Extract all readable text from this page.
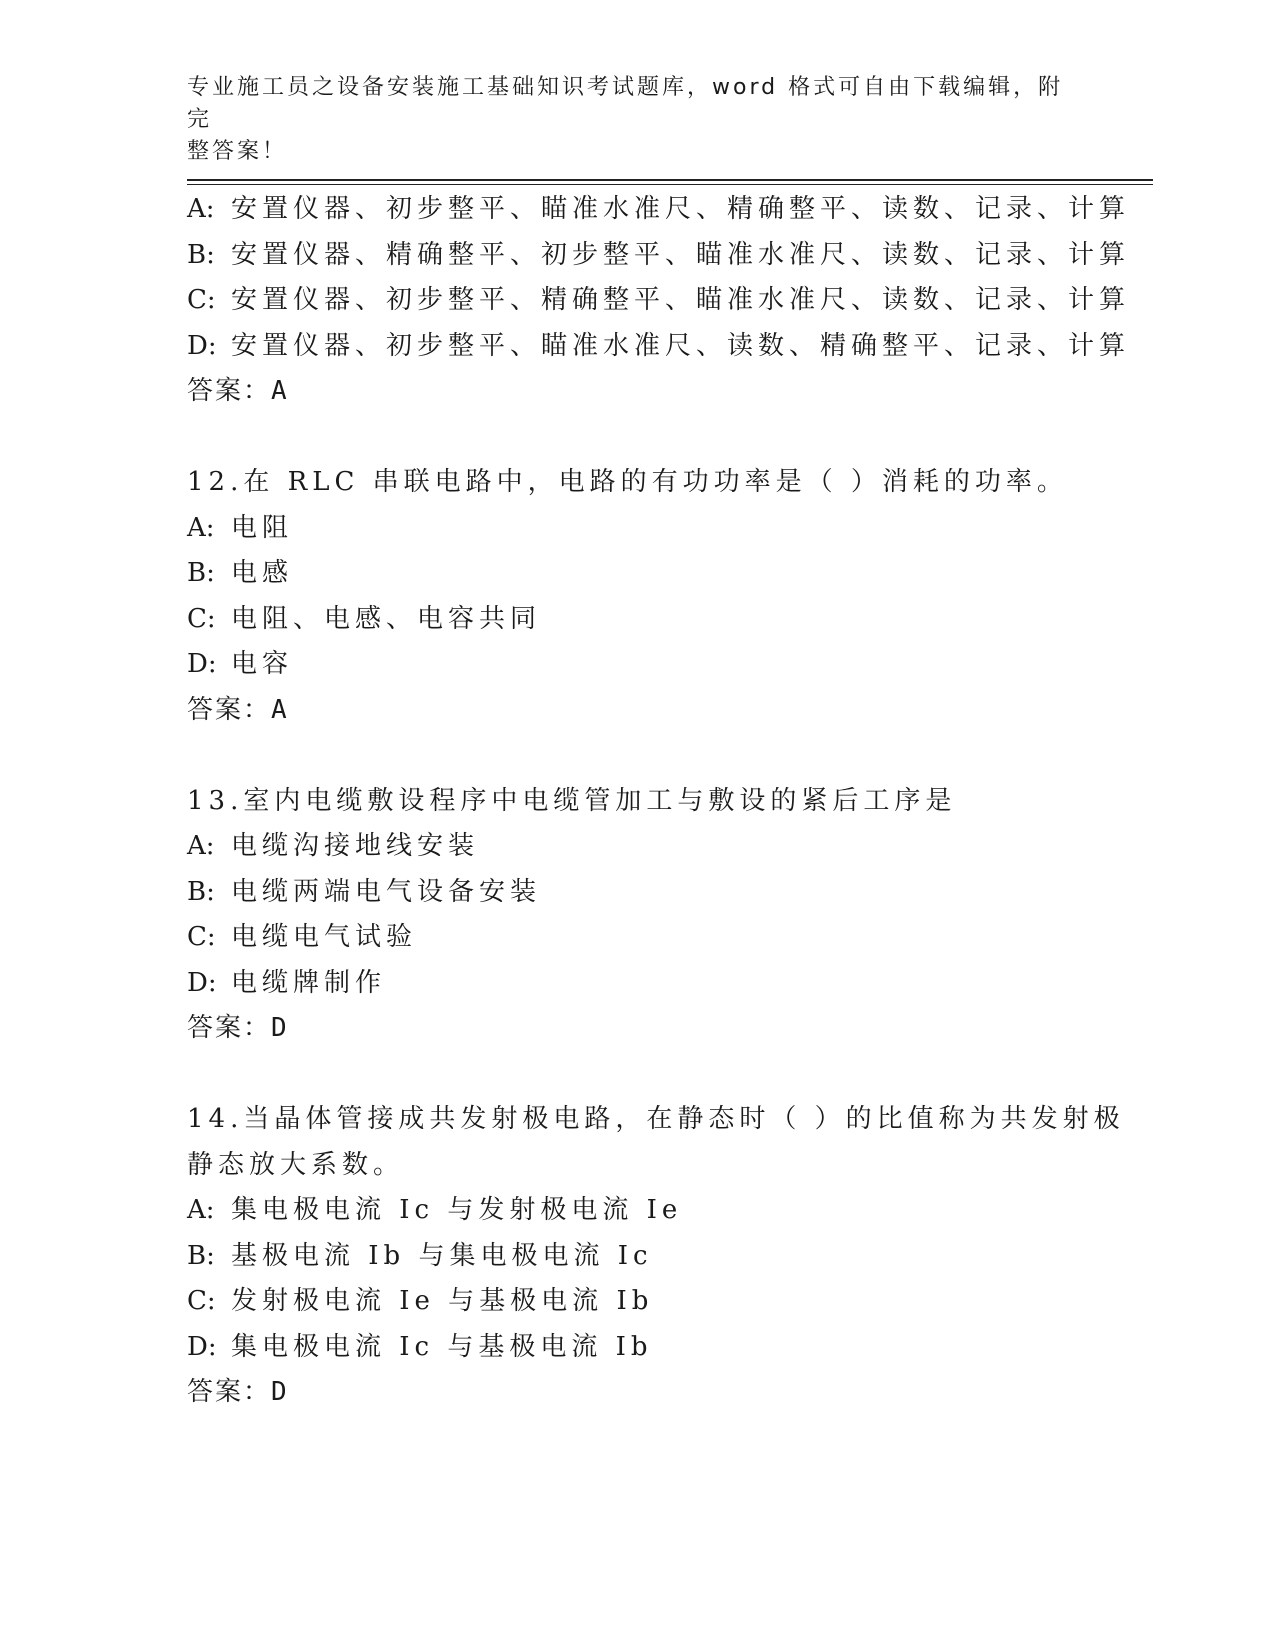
专业施工员之设备安装施工基础知识考试题库，word 格式可自由下载编辑，附完
整答案！
A: 安置仪器、初步整平、瞄准水准尺、精确整平、读数、记录、计算
B: 安置仪器、精确整平、初步整平、瞄准水准尺、读数、记录、计算
C: 安置仪器、初步整平、精确整平、瞄准水准尺、读数、记录、计算
D: 安置仪器、初步整平、瞄准水准尺、读数、精确整平、记录、计算
答案：A
12.在 RLC 串联电路中，电路的有功功率是（ ）消耗的功率。
A: 电阻
B: 电感
C: 电阻、电感、电容共同
D: 电容
答案：A
13.室内电缆敷设程序中电缆管加工与敷设的紧后工序是
A: 电缆沟接地线安装
B: 电缆两端电气设备安装
C: 电缆电气试验
D: 电缆牌制作
答案：D
14.当晶体管接成共发射极电路，在静态时（ ）的比值称为共发射极
静态放大系数。
A: 集电极电流 Ic 与发射极电流 Ie
B: 基极电流 Ib 与集电极电流 Ic
C: 发射极电流 Ie 与基极电流 Ib
D: 集电极电流 Ic 与基极电流 Ib
答案：D
